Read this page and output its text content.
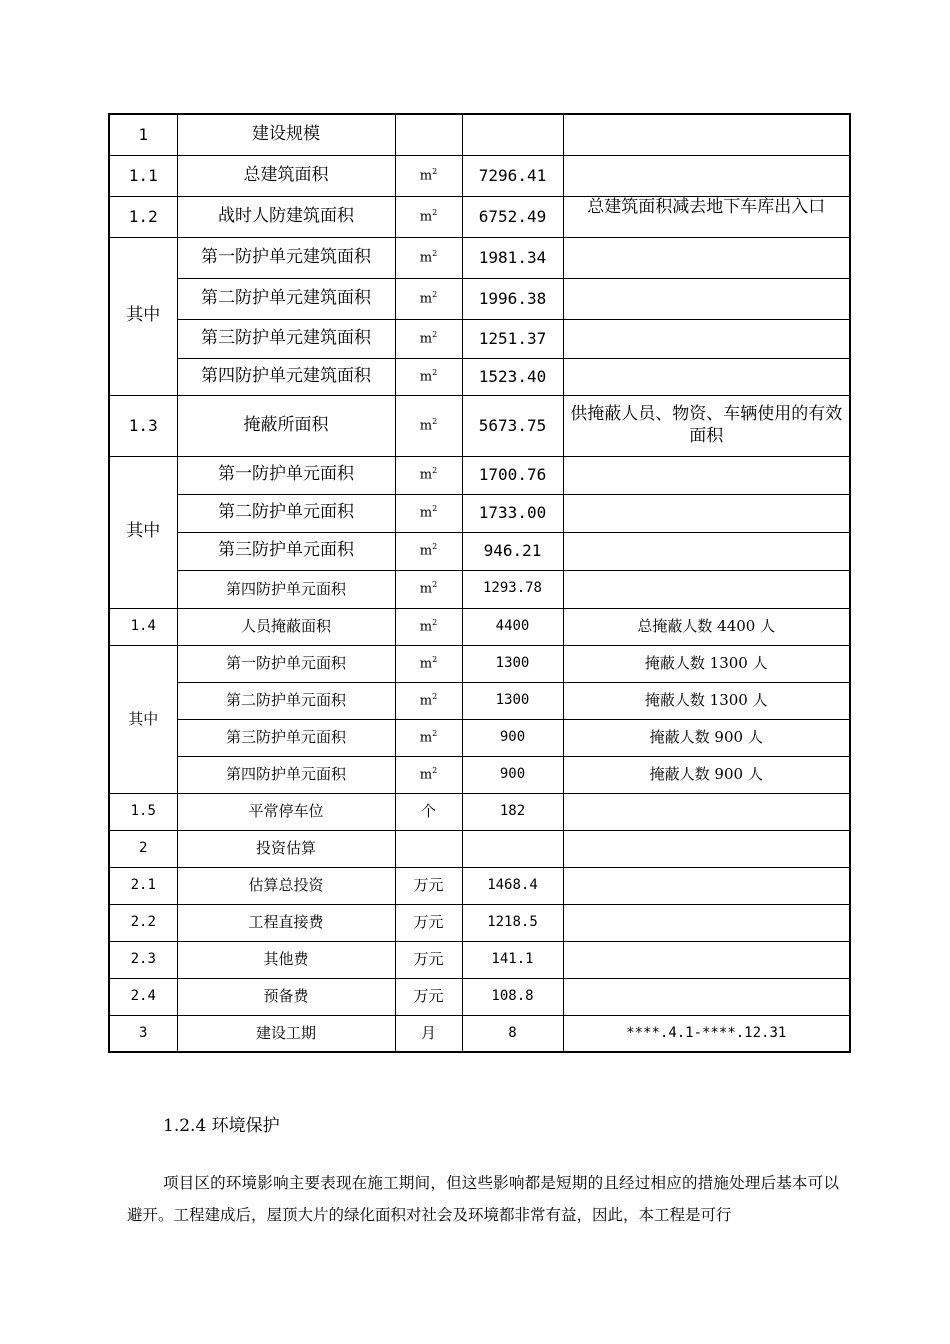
1	建设规模			
1.1	总建筑面积	$m^2$	7296.41	
1.2	战时人防建筑面积	$m^2$	6752.49	总建筑面积减去地下车库出入口

其中	第一防护单元建筑面积	$m^2$	1981.34	
	第二防护单元建筑面积	$m^2$	1996.38	
	第三防护单元建筑面积	$m^2$	1251.37	
	第四防护单元建筑面积	$m^2$	1523.40	
1.3	掩蔽所面积	$m^2$	5673.75	供掩蔽人员、物资、车辆使用的有效面积
其中	第一防护单元面积	$m^2$	1700.76	
	第二防护单元面积	$m^2$	1733.00	
	第三防护单元面积	$m^2$	946.21	
	第四防护单元面积	$m^2$	1293.78	
1.4	人员掩蔽面积	$m^2$	4400	总掩蔽人数 4400 人
其中	第一防护单元面积	$m^2$	1300	掩蔽人数 1300 人
	第二防护单元面积	$m^2$	1300	掩蔽人数 1300 人
	第三防护单元面积	$m^2$	900	掩蔽人数 900 人
	第四防护单元面积	$m^2$	900	掩蔽人数 900 人
1.5	平常停车位	个	182	
2	投资估算			
2.1	估算总投资	万元	1468.4	
2.2	工程直接费	万元	1218.5	
2.3	其他费	万元	141.1	
2.4	预备费	万元	108.8	
3	建设工期	月	8	****.4.1-****.12.31
1.2.4 环境保护
项目区的环境影响主要表现在施工期间，但这些影响都是短期的且经过相应的措施处理后基本可以避开。工程建成后，屋顶大片的绿化面积对社会及环境都非常有益，因此，本工程是可行
